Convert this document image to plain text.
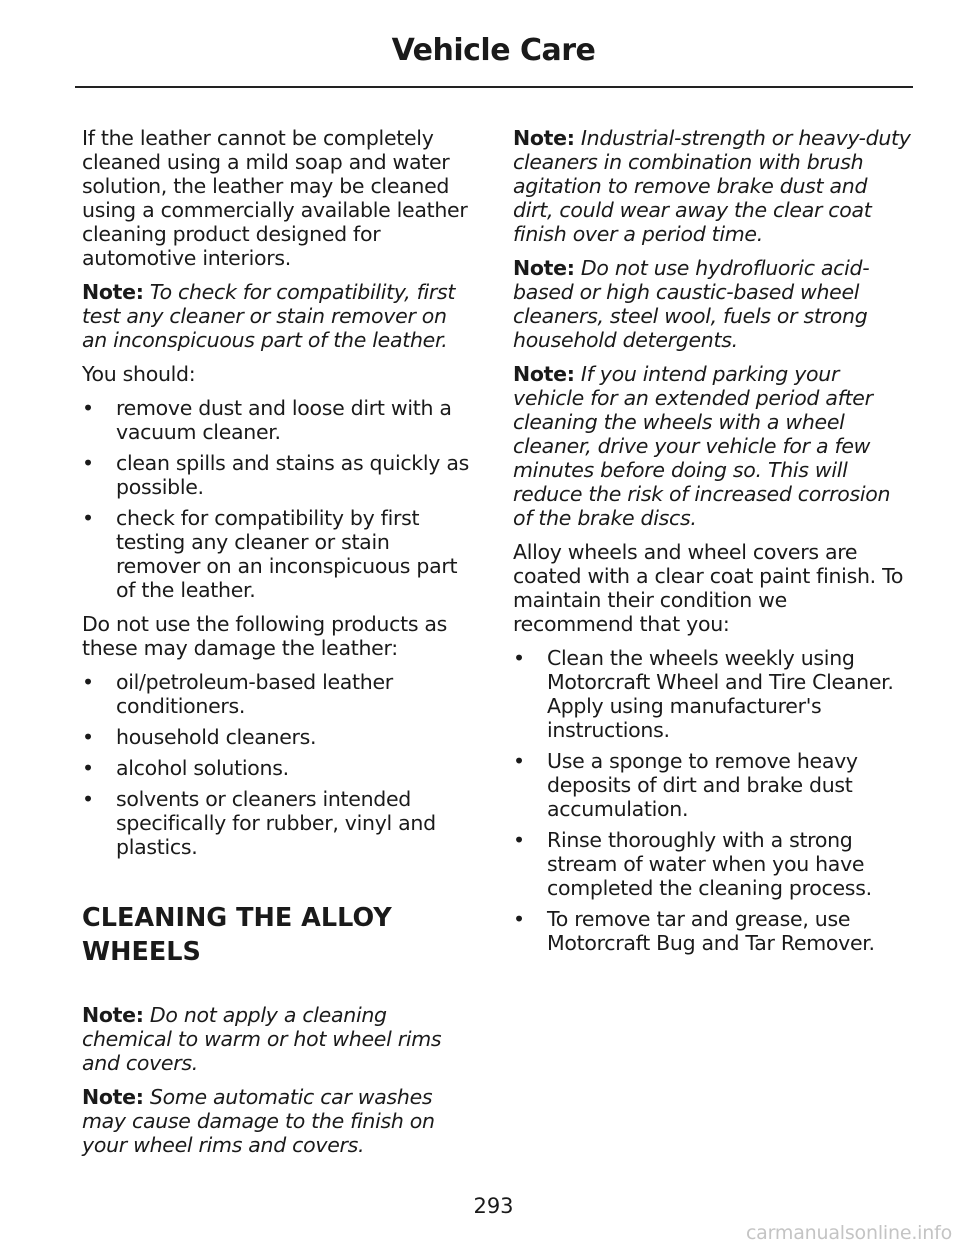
Vehicle Care

If the leather cannot be completely cleaned using a mild soap and water solution, the leather may be cleaned using a commercially available leather cleaning product designed for automotive interiors.

Note: To check for compatibility, first test any cleaner or stain remover on an inconspicuous part of the leather.

You should:

• remove dust and loose dirt with a vacuum cleaner.
• clean spills and stains as quickly as possible.
• check for compatibility by first testing any cleaner or stain remover on an inconspicuous part of the leather.

Do not use the following products as these may damage the leather:

• oil/petroleum-based leather conditioners.
• household cleaners.
• alcohol solutions.
• solvents or cleaners intended specifically for rubber, vinyl and plastics.
CLEANING THE ALLOY WHEELS

Note: Do not apply a cleaning chemical to warm or hot wheel rims and covers.

Note: Some automatic car washes may cause damage to the finish on your wheel rims and covers.

Note: Industrial-strength or heavy-duty cleaners in combination with brush agitation to remove brake dust and dirt, could wear away the clear coat finish over a period time.

Note: Do not use hydrofluoric acid-based or high caustic-based wheel cleaners, steel wool, fuels or strong household detergents.

Note: If you intend parking your vehicle for an extended period after cleaning the wheels with a wheel cleaner, drive your vehicle for a few minutes before doing so. This will reduce the risk of increased corrosion of the brake discs.

Alloy wheels and wheel covers are coated with a clear coat paint finish. To maintain their condition we recommend that you:

• Clean the wheels weekly using Motorcraft Wheel and Tire Cleaner. Apply using manufacturer's instructions.
• Use a sponge to remove heavy deposits of dirt and brake dust accumulation.
• Rinse thoroughly with a strong stream of water when you have completed the cleaning process.
• To remove tar and grease, use Motorcraft Bug and Tar Remover.
293
carmanualsonline.info
